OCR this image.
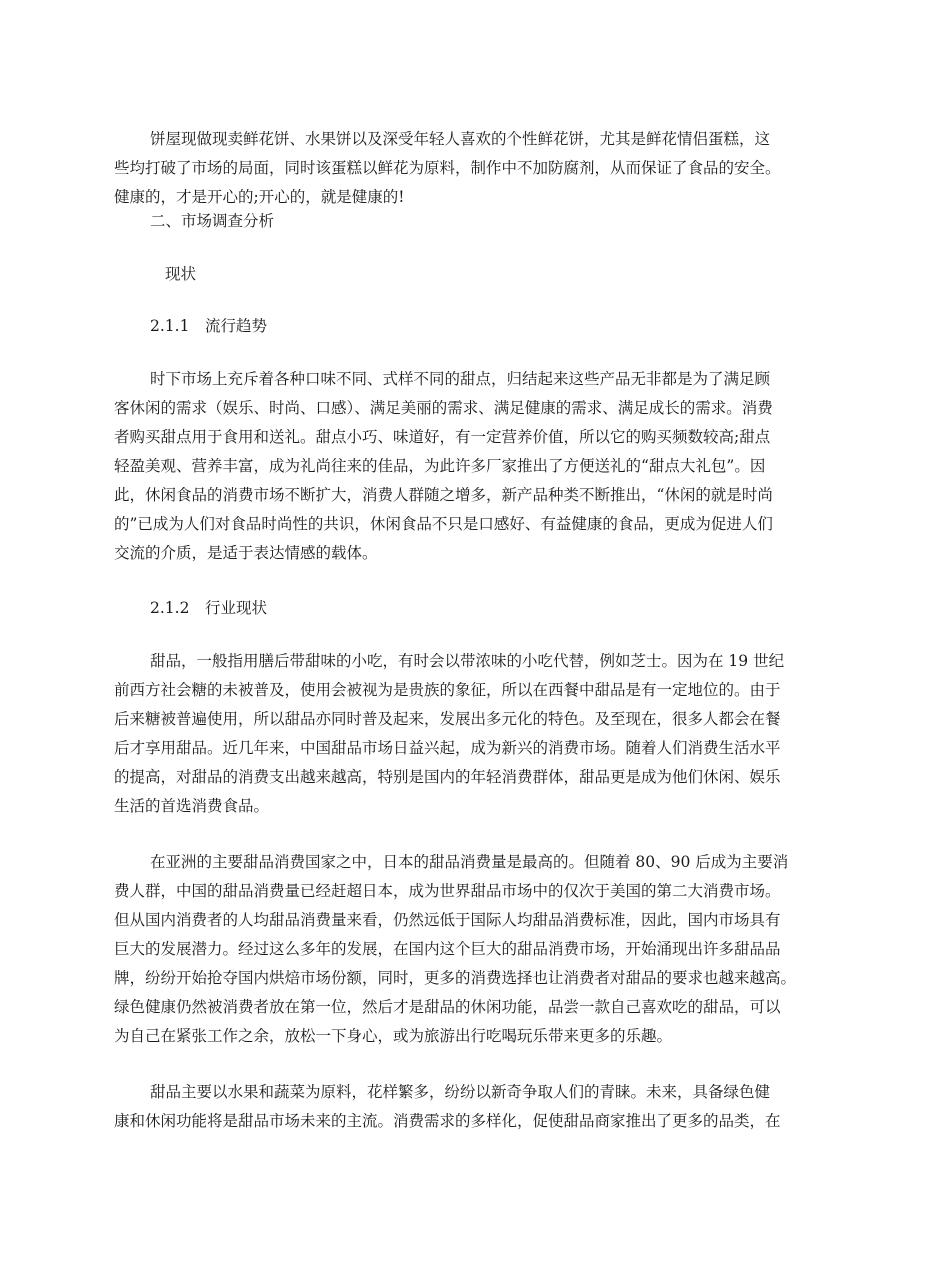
饼屋现做现卖鲜花饼、水果饼以及深受年轻人喜欢的个性鲜花饼，尤其是鲜花情侣蛋糕，这
些均打破了市场的局面，同时该蛋糕以鲜花为原料，制作中不加防腐剂，从而保证了食品的安全。
健康的，才是开心的;开心的，就是健康的!
二、市场调查分析
现状
2.1.1　流行趋势
时下市场上充斥着各种口味不同、式样不同的甜点，归结起来这些产品无非都是为了满足顾
客休闲的需求（娱乐、时尚、口感）、满足美丽的需求、满足健康的需求、满足成长的需求。消费
者购买甜点用于食用和送礼。甜点小巧、味道好，有一定营养价值，所以它的购买频数较高;甜点
轻盈美观、营养丰富，成为礼尚往来的佳品，为此许多厂家推出了方便送礼的“甜点大礼包”。因
此，休闲食品的消费市场不断扩大，消费人群随之增多，新产品种类不断推出，“休闲的就是时尚
的”已成为人们对食品时尚性的共识，休闲食品不只是口感好、有益健康的食品，更成为促进人们
交流的介质，是适于表达情感的载体。
2.1.2　行业现状
甜品，一般指用膳后带甜味的小吃，有时会以带浓味的小吃代替，例如芝士。因为在 19 世纪
前西方社会糖的未被普及，使用会被视为是贵族的象征，所以在西餐中甜品是有一定地位的。由于
后来糖被普遍使用，所以甜品亦同时普及起来，发展出多元化的特色。及至现在，很多人都会在餐
后才享用甜品。近几年来，中国甜品市场日益兴起，成为新兴的消费市场。随着人们消费生活水平
的提高，对甜品的消费支出越来越高，特别是国内的年轻消费群体，甜品更是成为他们休闲、娱乐
生活的首选消费食品。
在亚洲的主要甜品消费国家之中，日本的甜品消费量是最高的。但随着 80、90 后成为主要消
费人群，中国的甜品消费量已经赶超日本，成为世界甜品市场中的仅次于美国的第二大消费市场。
但从国内消费者的人均甜品消费量来看，仍然远低于国际人均甜品消费标准，因此，国内市场具有
巨大的发展潜力。经过这么多年的发展，在国内这个巨大的甜品消费市场，开始涌现出许多甜品品
牌，纷纷开始抢夺国内烘焙市场份额，同时，更多的消费选择也让消费者对甜品的要求也越来越高。
绿色健康仍然被消费者放在第一位，然后才是甜品的休闲功能，品尝一款自己喜欢吃的甜品，可以
为自己在紧张工作之余，放松一下身心，或为旅游出行吃喝玩乐带来更多的乐趣。
甜品主要以水果和蔬菜为原料，花样繁多，纷纷以新奇争取人们的青睐。未来，具备绿色健
康和休闲功能将是甜品市场未来的主流。消费需求的多样化，促使甜品商家推出了更多的品类，在
